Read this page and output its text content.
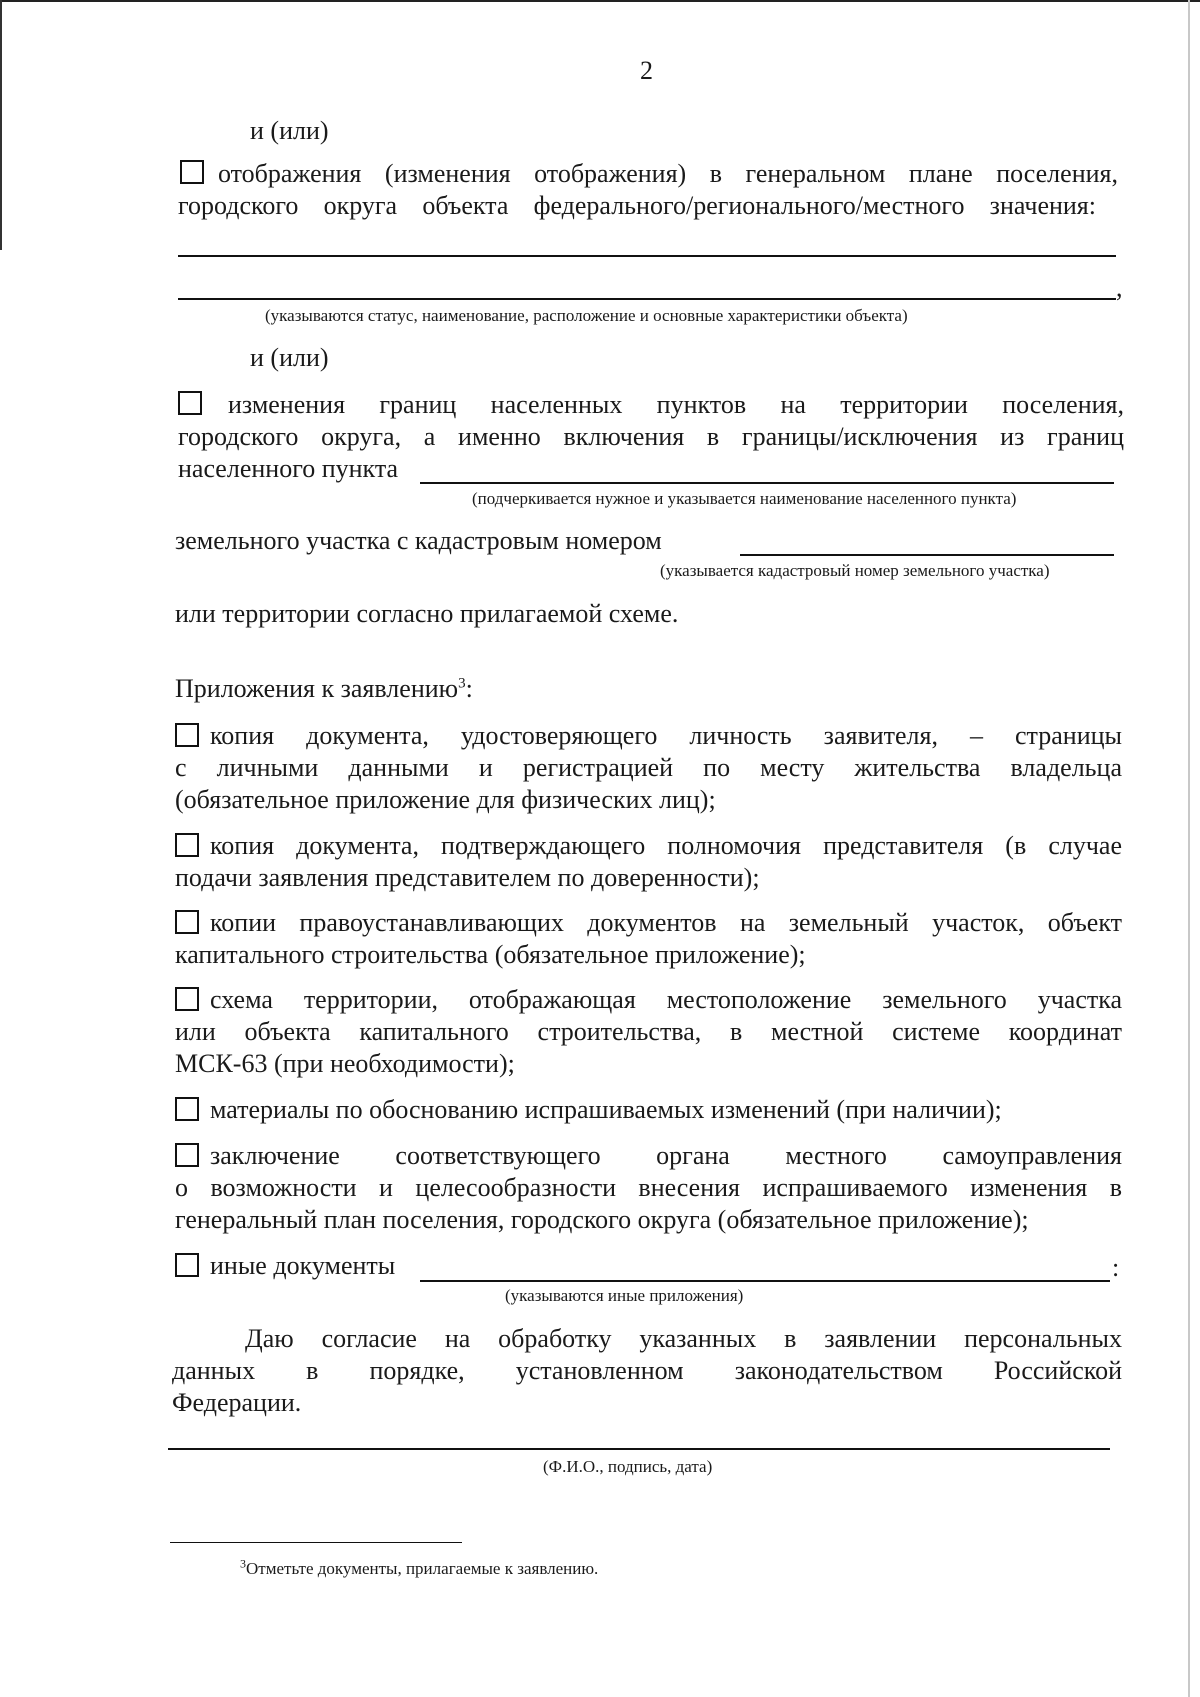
2
и (или)
отображения (изменения отображения) в генеральном плане поселения,
городского округа объекта федерального/регионального/местного значения:
,
(указываются статус, наименование, расположение и основные характеристики объекта)
и (или)
изменения границ населенных пунктов на территории поселения,
городского округа, а именно включения в границы/исключения из границ
населенного пункта
(подчеркивается нужное и указывается наименование населенного пункта)
земельного участка с кадастровым номером
(указывается кадастровый номер земельного участка)
или территории согласно прилагаемой схеме.
Приложения к заявлению$^3$:
копия документа, удостоверяющего личность заявителя, – страницы
с личными данными и регистрацией по месту жительства владельца
(обязательное приложение для физических лиц);
копия документа, подтверждающего полномочия представителя (в случае
подачи заявления представителем по доверенности);
копии правоустанавливающих документов на земельный участок, объект
капитального строительства (обязательное приложение);
схема территории, отображающая местоположение земельного участка
или объекта капитального строительства, в местной системе координат
МСК-63 (при необходимости);
материалы по обоснованию испрашиваемых изменений (при наличии);
заключение соответствующего органа местного самоуправления
о возможности и целесообразности внесения испрашиваемого изменения в
генеральный план поселения, городского округа (обязательное приложение);
иные документы	:
(указываются иные приложения)
Даю согласие на обработку указанных в заявлении персональных
данных в порядке, установленном законодательством Российской
Федерации.
(Ф.И.О., подпись, дата)
$^3$Отметьте документы, прилагаемые к заявлению.
